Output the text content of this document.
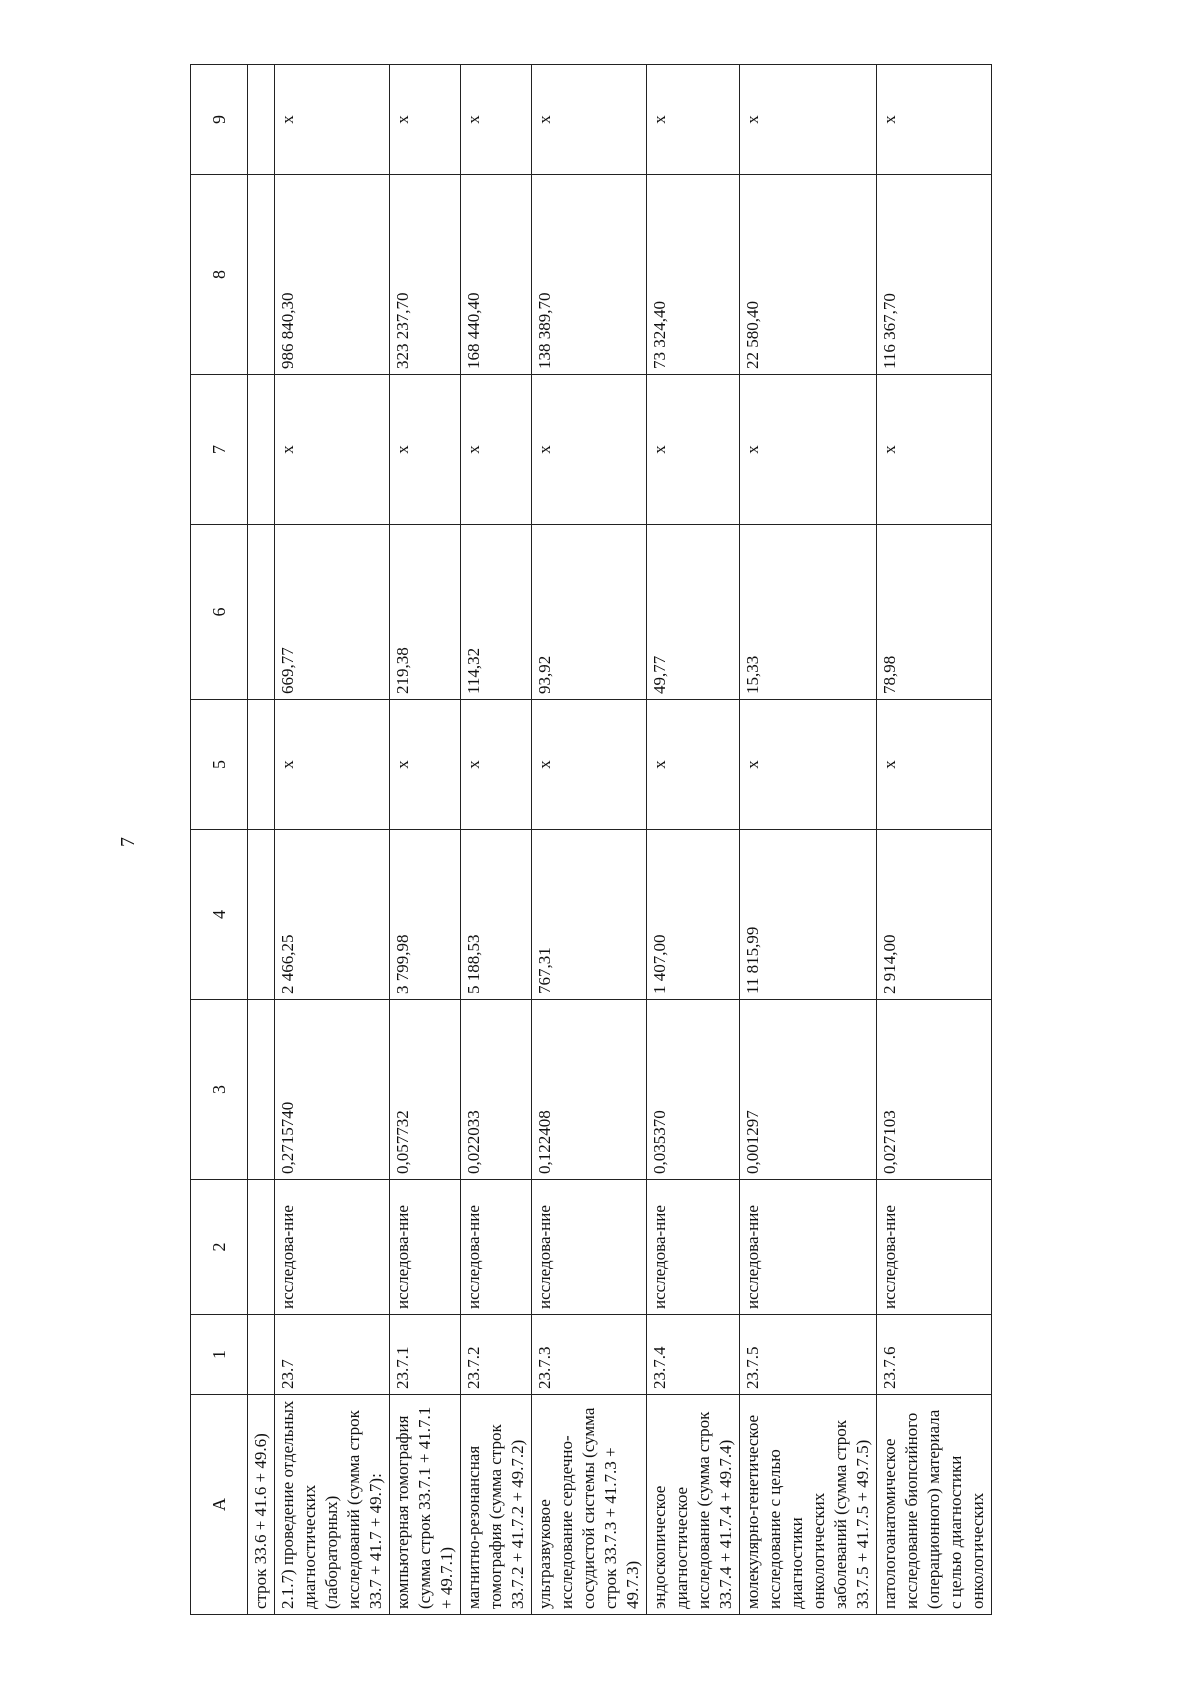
7
А	1	2	3	4	5	6	7	8	9
строк 33.6 + 41.6 + 49.6)									
2.1.7) проведение отдельных диагностических (лабораторных) исследований (сумма строк 33.7 + 41.7 + 49.7):	23.7	исследова-ние	0,2715740	2 466,25	х	669,77	х	986 840,30	х
компьютерная томография (сумма строк 33.7.1 + 41.7.1 + 49.7.1)	23.7.1	исследова-ние	0,057732	3 799,98	х	219,38	х	323 237,70	х
магнитно-резонансная томография (сумма строк 33.7.2 + 41.7.2 + 49.7.2)	23.7.2	исследова-ние	0,022033	5 188,53	х	114,32	х	168 440,40	х
ультразвуковое исследование сердечно-сосудистой системы (сумма строк 33.7.3 + 41.7.3 + 49.7.3)	23.7.3	исследова-ние	0,122408	767,31	х	93,92	х	138 389,70	х
эндоскопическое диагностическое исследование (сумма строк 33.7.4 + 41.7.4 + 49.7.4)	23.7.4	исследова-ние	0,035370	1 407,00	х	49,77	х	73 324,40	х
молекулярно-генетическое исследование с целью диагностики онкологических заболеваний (сумма строк 33.7.5 + 41.7.5 + 49.7.5)	23.7.5	исследова-ние	0,001297	11 815,99	х	15,33	х	22 580,40	х
патологоанатомическое исследование биопсийного (операционного) материала с целью диагностики онкологических	23.7.6	исследова-ние	0,027103	2 914,00	х	78,98	х	116 367,70	х
